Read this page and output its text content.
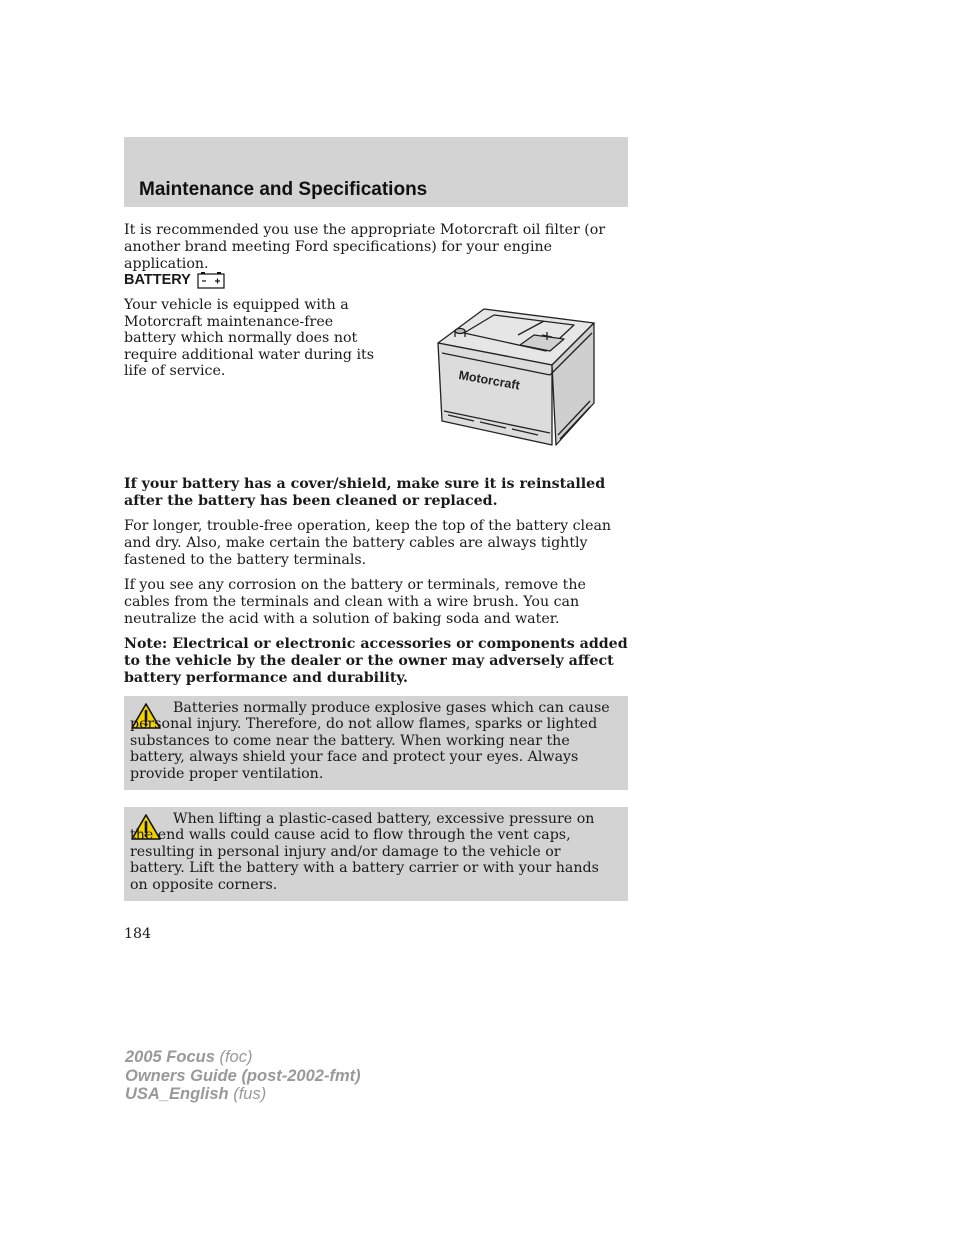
Maintenance and Specifications

It is recommended you use the appropriate Motorcraft oil filter (or another brand meeting Ford specifications) for your engine application.

BATTERY

Your vehicle is equipped with a Motorcraft maintenance-free battery which normally does not require additional water during its life of service.	Motorcraft

If your battery has a cover/shield, make sure it is reinstalled after the battery has been cleaned or replaced.

For longer, trouble-free operation, keep the top of the battery clean and dry. Also, make certain the battery cables are always tightly fastened to the battery terminals.

If you see any corrosion on the battery or terminals, remove the cables from the terminals and clean with a wire brush. You can neutralize the acid with a solution of baking soda and water.

Note: Electrical or electronic accessories or components added to the vehicle by the dealer or the owner may adversely affect battery performance and durability.

Batteries normally produce explosive gases which can cause personal injury. Therefore, do not allow flames, sparks or lighted substances to come near the battery. When working near the battery, always shield your face and protect your eyes. Always provide proper ventilation.

When lifting a plastic-cased battery, excessive pressure on the end walls could cause acid to flow through the vent caps, resulting in personal injury and/or damage to the vehicle or battery. Lift the battery with a battery carrier or with your hands on opposite corners.

184

2005 Focus (foc)
Owners Guide (post-2002-fmt)
USA_English (fus)
